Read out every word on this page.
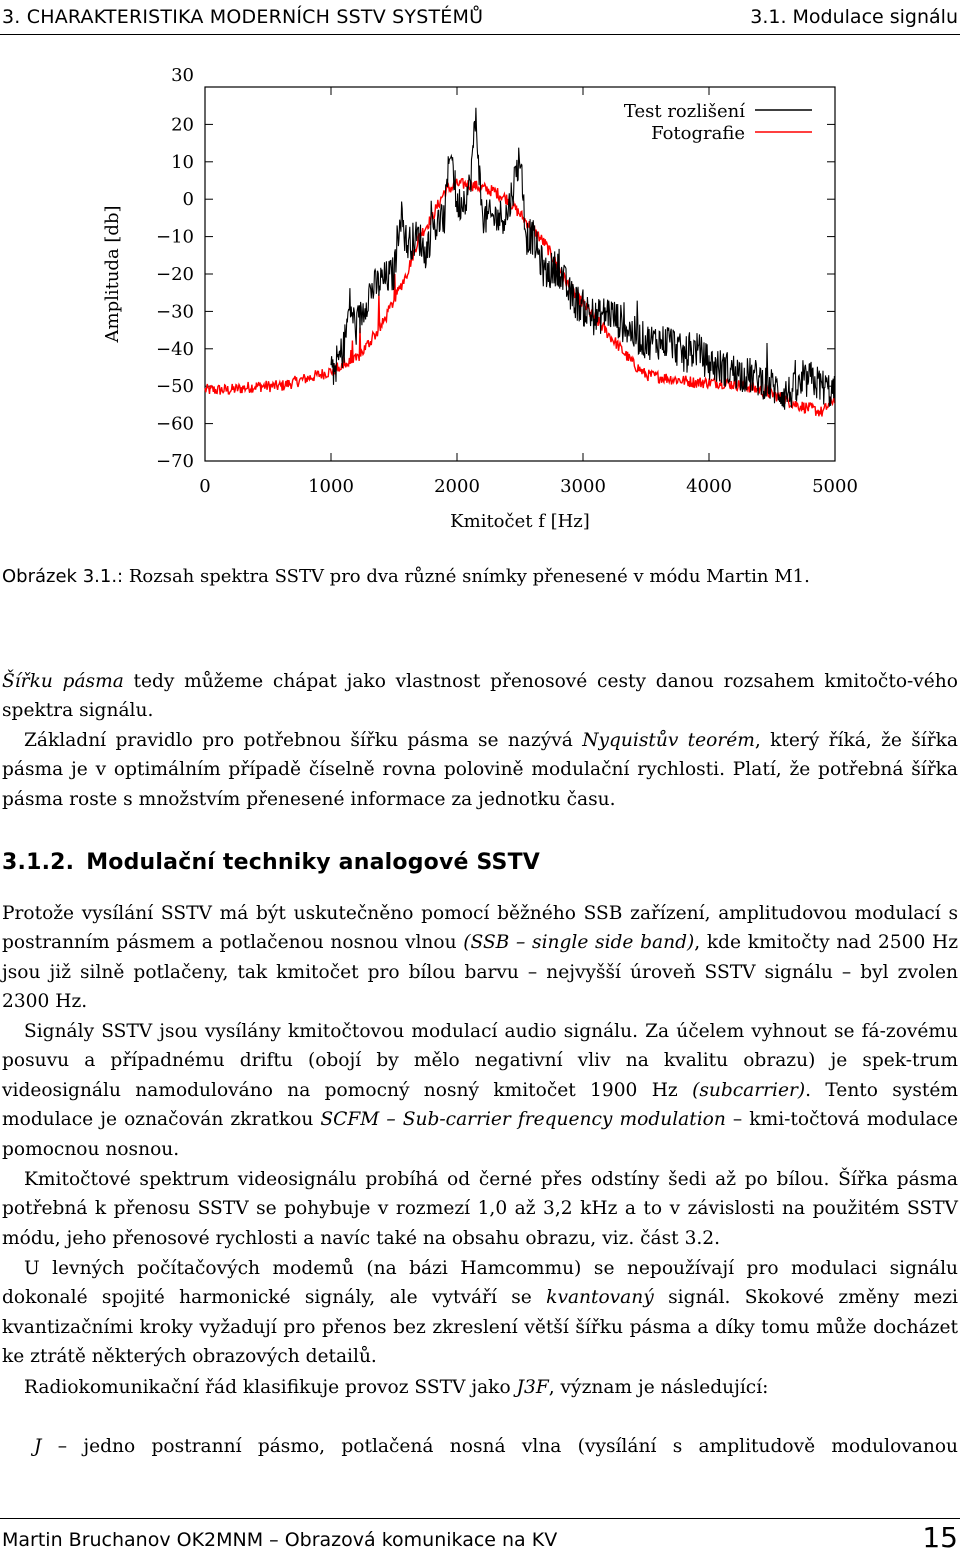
3. CHARAKTERISTIKA MODERNÍCH SSTV SYSTÉMŮ	3.1. Modulace signálu
30
20
10
0
−10
−20
−30
−40
−50
−60
−70
0	1000	2000	3000	4000	5000
Amplituda [db]
Kmitočet f [Hz]
Test rozlišení
Fotografie
Obrázek 3.1.: Rozsah spektra SSTV pro dva různé snímky přenesené v módu Martin M1.
Šířku pásma tedy můžeme chápat jako vlastnost přenosové cesty danou rozsahem kmitočto-vého spektra signálu.
Základní pravidlo pro potřebnou šířku pásma se nazývá Nyquistův teorém, který říká, že šířka pásma je v optimálním případě číselně rovna polovině modulační rychlosti. Platí, že potřebná šířka pásma roste s množstvím přenesené informace za jednotku času.
3.1.2. Modulační techniky analogové SSTV
Protože vysílání SSTV má být uskutečněno pomocí běžného SSB zařízení, amplitudovou modulací s postranním pásmem a potlačenou nosnou vlnou (SSB – single side band), kde kmitočty nad 2500 Hz jsou již silně potlačeny, tak kmitočet pro bílou barvu – nejvyšší úroveň SSTV signálu – byl zvolen 2300 Hz.
Signály SSTV jsou vysílány kmitočtovou modulací audio signálu. Za účelem vyhnout se fá-zovému posuvu a případnému driftu (obojí by mělo negativní vliv na kvalitu obrazu) je spek-trum videosignálu namodulováno na pomocný nosný kmitočet 1900 Hz (subcarrier). Tento systém modulace je označován zkratkou SCFM – Sub-carrier frequency modulation – kmi-točtová modulace pomocnou nosnou.
Kmitočtové spektrum videosignálu probíhá od černé přes odstíny šedi až po bílou. Šířka pásma potřebná k přenosu SSTV se pohybuje v rozmezí 1,0 až 3,2 kHz a to v závislosti na použitém SSTV módu, jeho přenosové rychlosti a navíc také na obsahu obrazu, viz. část 3.2.
U levných počítačových modemů (na bázi Hamcommu) se nepoužívají pro modulaci signálu dokonalé spojité harmonické signály, ale vytváří se kvantovaný signál. Skokové změny mezi kvantizačními kroky vyžadují pro přenos bez zkreslení větší šířku pásma a díky tomu může docházet ke ztrátě některých obrazových detailů.
Radiokomunikační řád klasifikuje provoz SSTV jako J3F, význam je následující:
J – jedno postranní pásmo, potlačená nosná vlna (vysílání s amplitudově modulovanou
Martin Bruchanov OK2MNM – Obrazová komunikace na KV	15
